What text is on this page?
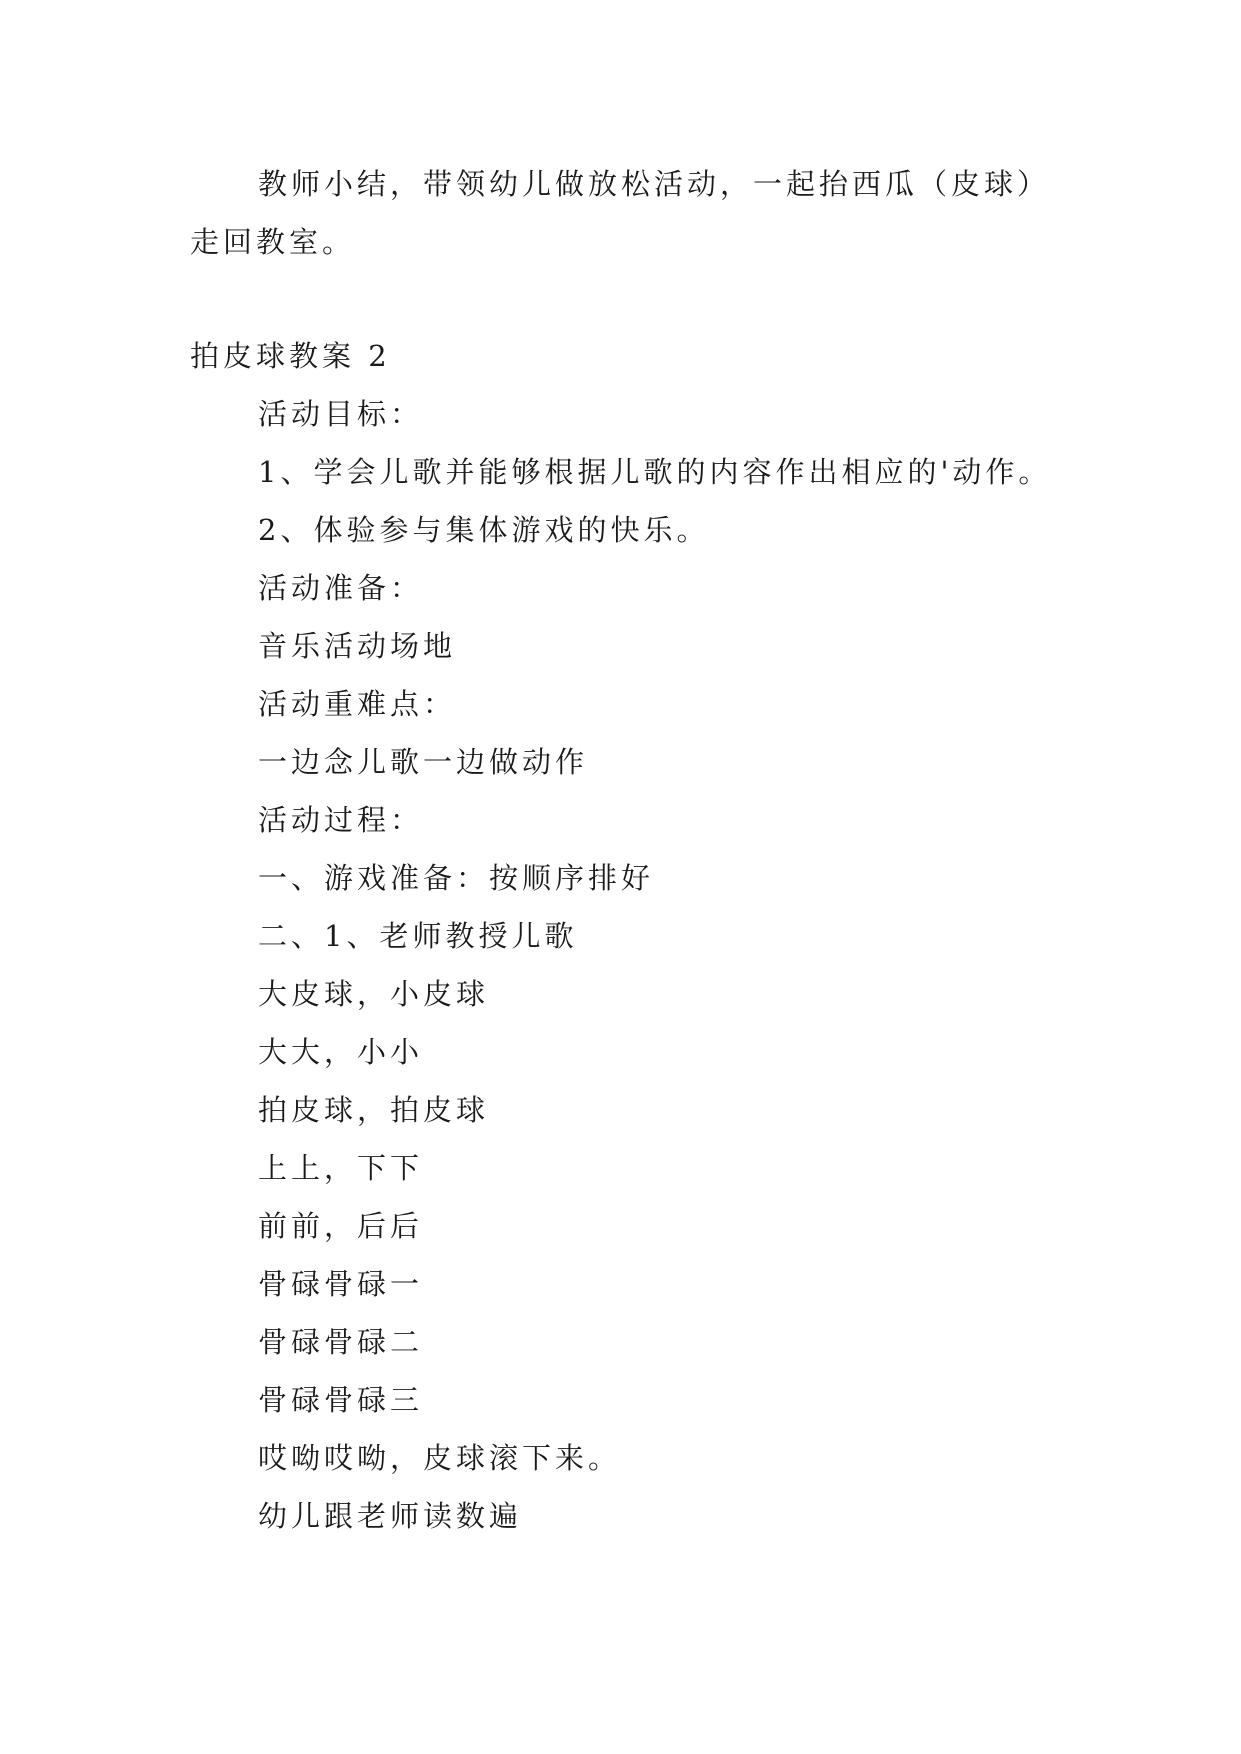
教师小结，带领幼儿做放松活动，一起抬西瓜（皮球）
走回教室。
拍皮球教案 2
活动目标：
1、学会儿歌并能够根据儿歌的内容作出相应的'动作。
2、体验参与集体游戏的快乐。
活动准备：
音乐活动场地
活动重难点：
一边念儿歌一边做动作
活动过程：
一、游戏准备：按顺序排好
二、1、老师教授儿歌
大皮球，小皮球
大大，小小
拍皮球，拍皮球
上上，下下
前前，后后
骨碌骨碌一
骨碌骨碌二
骨碌骨碌三
哎呦哎呦，皮球滚下来。
幼儿跟老师读数遍
